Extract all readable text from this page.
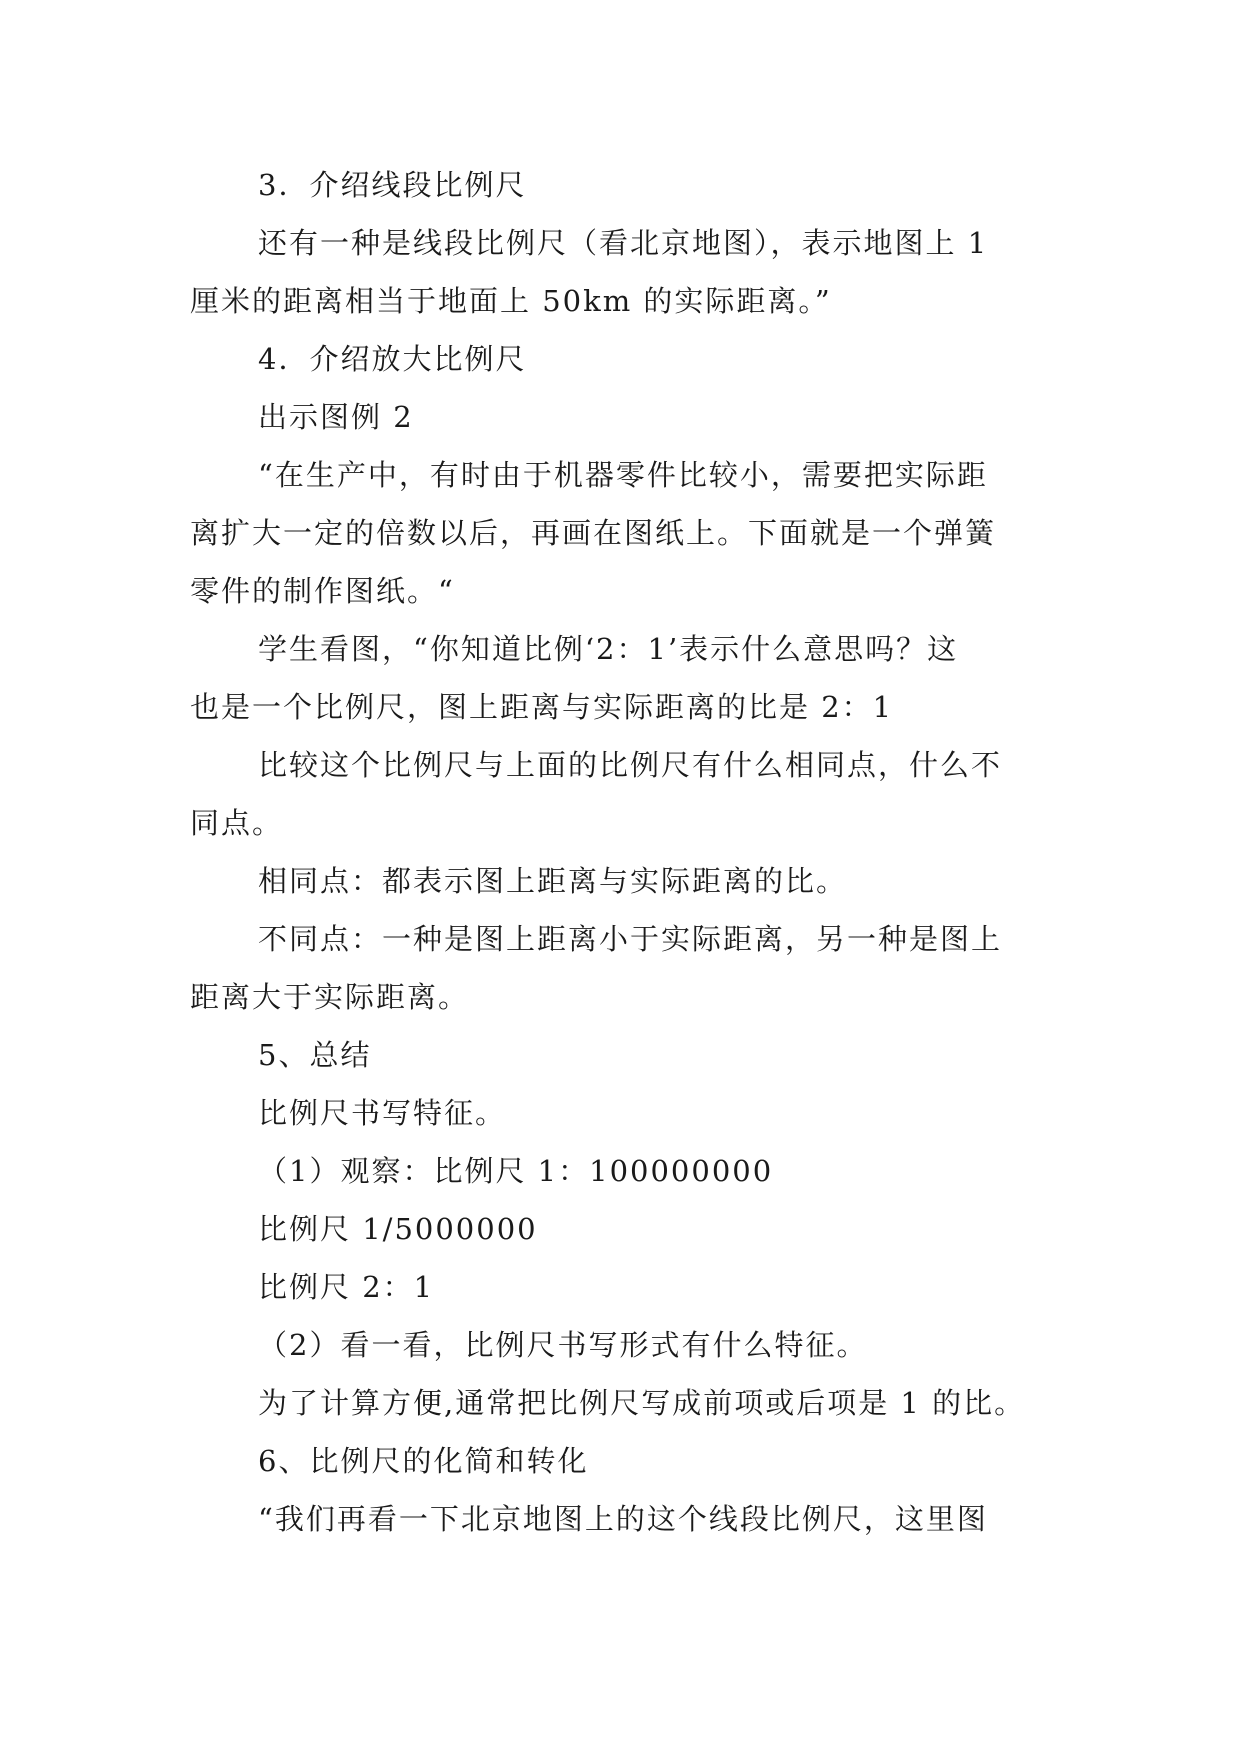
3．介绍线段比例尺

还有一种是线段比例尺（看北京地图），表示地图上 1

厘米的距离相当于地面上 50km 的实际距离。”

4．介绍放大比例尺

出示图例 2

“在生产中，有时由于机器零件比较小，需要把实际距

离扩大一定的倍数以后，再画在图纸上。下面就是一个弹簧

零件的制作图纸。“

学生看图，“你知道比例‘2：1’表示什么意思吗？这

也是一个比例尺，图上距离与实际距离的比是 2：1

比较这个比例尺与上面的比例尺有什么相同点，什么不

同点。

相同点：都表示图上距离与实际距离的比。

不同点：一种是图上距离小于实际距离，另一种是图上

距离大于实际距离。

5、总结

比例尺书写特征。

（1）观察：比例尺 1：100000000

比例尺 1/5000000

比例尺 2：1

（2）看一看，比例尺书写形式有什么特征。

为了计算方便,通常把比例尺写成前项或后项是 1 的比。

6、比例尺的化简和转化

“我们再看一下北京地图上的这个线段比例尺，这里图
